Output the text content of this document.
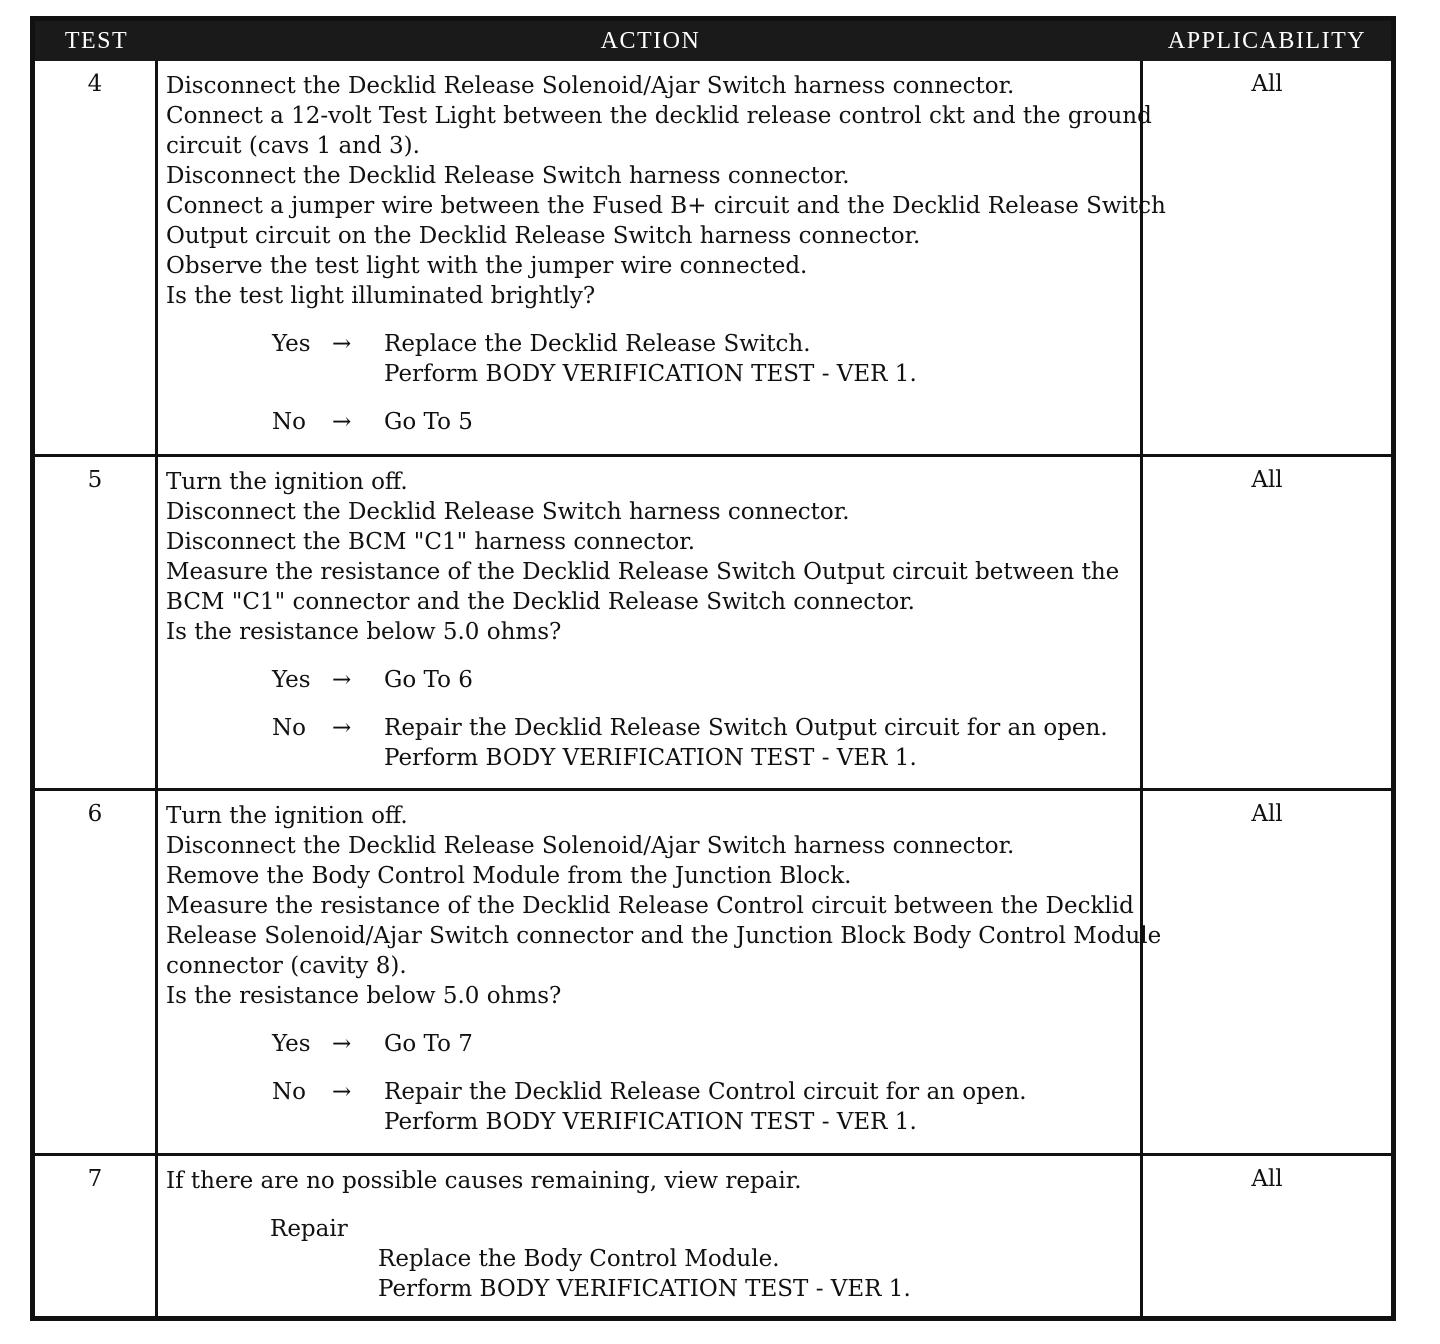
TEST	ACTION	APPLICABILITY
4	Disconnect the Decklid Release Solenoid/Ajar Switch harness connector.
Connect a 12-volt Test Light between the decklid release control ckt and the ground
circuit (cavs 1 and 3).
Disconnect the Decklid Release Switch harness connector.
Connect a jumper wire between the Fused B+ circuit and the Decklid Release Switch
Output circuit on the Decklid Release Switch harness connector.
Observe the test light with the jumper wire connected.
Is the test light illuminated brightly?
Yes →	Replace the Decklid Release Switch.
Perform BODY VERIFICATION TEST - VER 1.
No	→	Go To 5
All
5	Turn the ignition off.
Disconnect the Decklid Release Switch harness connector.
Disconnect the BCM "C1" harness connector.
Measure the resistance of the Decklid Release Switch Output circuit between the
BCM "C1" connector and the Decklid Release Switch connector.
Is the resistance below 5.0 ohms?
Yes →	Go To 6
No	→	Repair the Decklid Release Switch Output circuit for an open.
Perform BODY VERIFICATION TEST - VER 1.
All
6	Turn the ignition off.
Disconnect the Decklid Release Solenoid/Ajar Switch harness connector.
Remove the Body Control Module from the Junction Block.
Measure the resistance of the Decklid Release Control circuit between the Decklid
Release Solenoid/Ajar Switch connector and the Junction Block Body Control Module
connector (cavity 8).
Is the resistance below 5.0 ohms?
Yes →	Go To 7
No	→	Repair the Decklid Release Control circuit for an open.
Perform BODY VERIFICATION TEST - VER 1.
All
7	If there are no possible causes remaining, view repair.
Repair
Replace the Body Control Module.
Perform BODY VERIFICATION TEST - VER 1.
All
